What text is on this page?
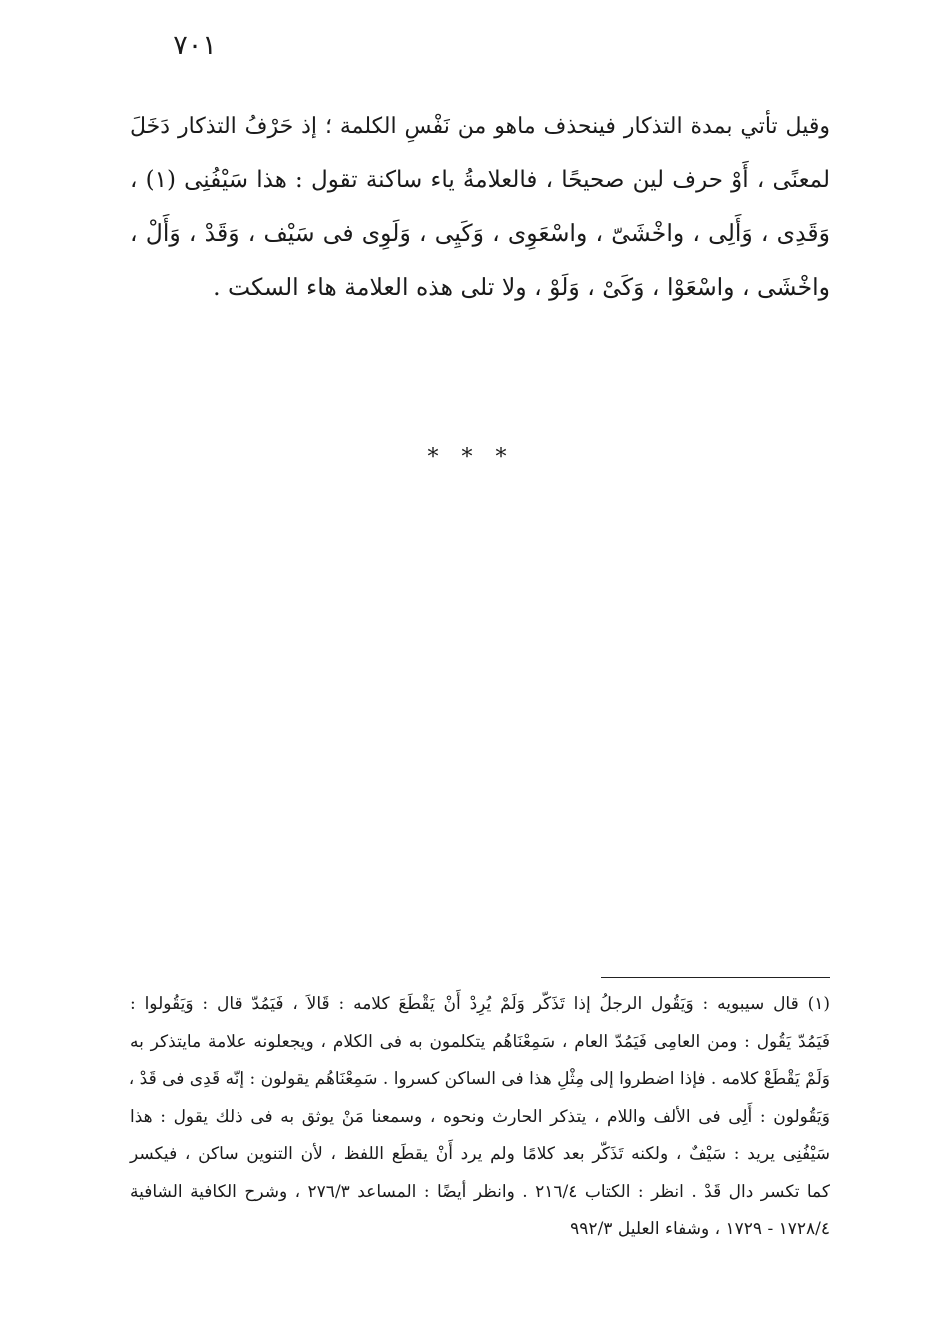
٧٠١
وقيل تأتي بمدة التذكار فينحذف ماهو من نَفْسِ الكلمة ؛ إذ حَرْفُ التذكار دَخَلَ
لمعنًى ، أَوْ حرف لين صحيحًا ، فالعلامةُ ياء ساكنة تقول : هذا سَيْفُنِى (١) ،
وَقَدِى ، وَأَلِى ، واخْشَىّ ، واسْعَوِى ، وَكَيِى ، وَلَوِى فى سَيْف ، وَقَدْ ، وَأَلْ ،
واخْشَى ، واسْعَوْا ، وَكَىْ ، وَلَوْ ، ولا تلى هذه العلامة هاء السكت .
* * *
(١) قال سيبويه : وَيَقُول الرجلُ إذا تَذَكّر وَلَمْ يُرِدْ أَنْ يَقْطَعَ كلامه : قَالاَ ، فَيَمُدّ قال : وَيَقُولوا :
فَيَمُدّ يَقُول : ومن العامِى فَيَمُدّ العام ، سَمِعْنَاهُم يتكلمون به فى الكلام ، ويجعلونه علامة مايتذكر به
وَلَمْ يَقْطَعْ كلامه . فإذا اضطروا إلى مِثْلِ هذا فى الساكن كسروا . سَمِعْنَاهُم يقولون : إنّه قَدِى فى قَدْ ،
وَيَقُولون : أَلِى فى الألف واللام ، يتذكر الحارث ونحوه ، وسمعنا مَنْ يوثق به فى ذلك يقول : هذا
سَيْفُنِى يريد : سَيْفٌ ، ولكنه تَذَكّر بعد كلامًا ولم يرد أَنْ يقطَع اللفظ ، لأن التنوين ساكن ، فيكسر
كما تكسر دال قَدْ . انظر : الكتاب ٢١٦/٤ . وانظر أيضًا : المساعد ٢٧٦/٣ ، وشرح الكافية الشافية
١٧٢٨/٤ - ١٧٢٩ ، وشفاء العليل ٩٩٢/٣
